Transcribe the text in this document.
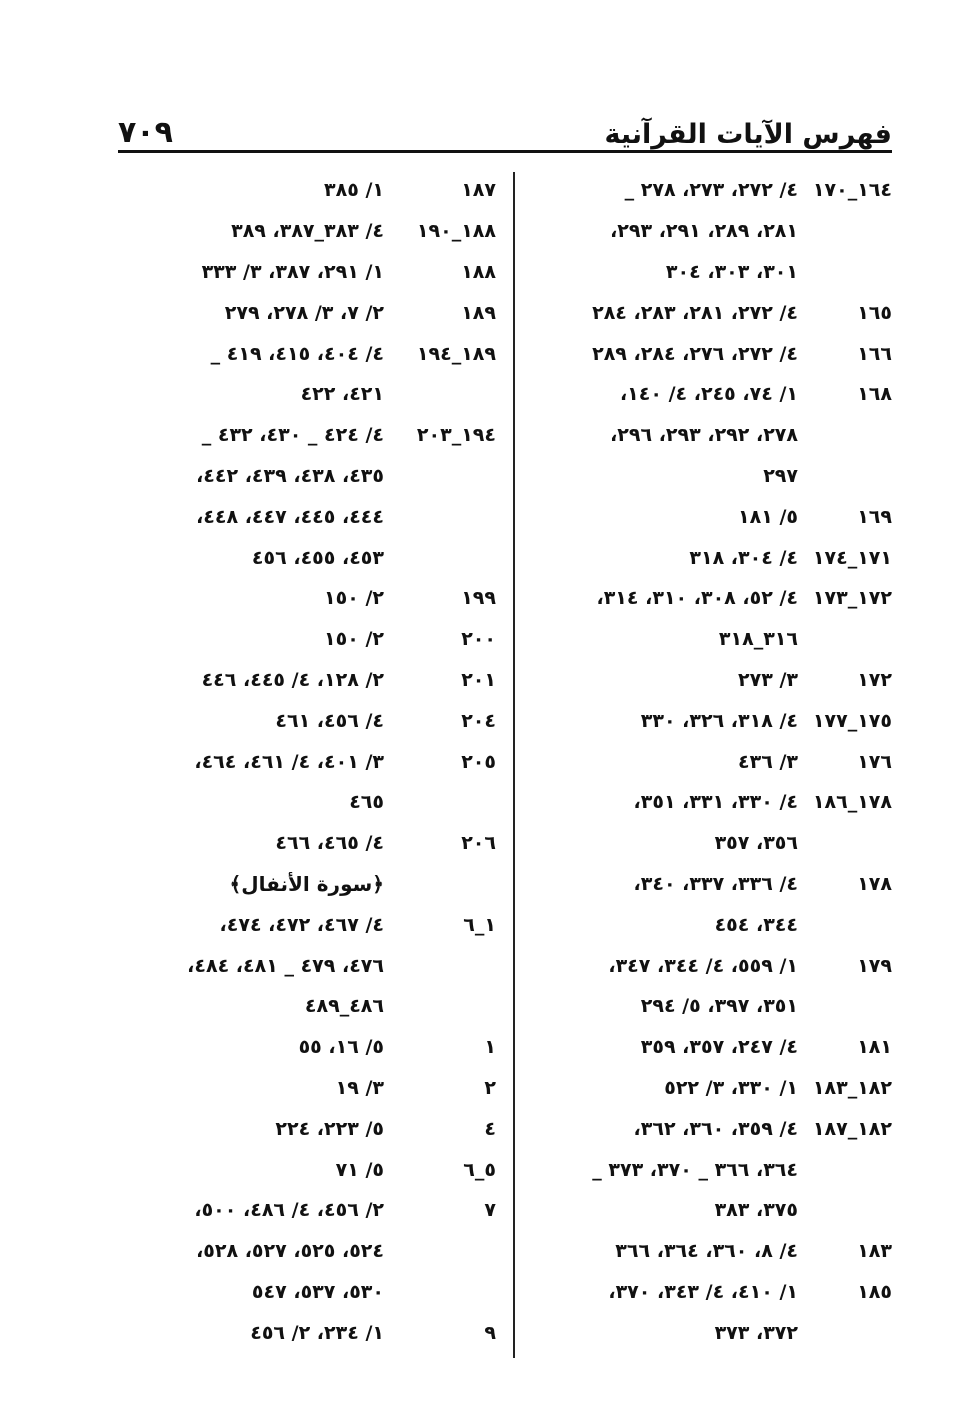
٧٠٩	فهرس الآيات القرآنية
١٦٤_١٧٠
٤/ ٢٧٢، ٢٧٣، ٢٧٨ _
٢٨١، ٢٨٩، ٢٩١، ٢٩٣،
٣٠١، ٣٠٣، ٣٠٤
١٦٥
٤/ ٢٧٢، ٢٨١، ٢٨٣، ٢٨٤
١٦٦
٤/ ٢٧٢، ٢٧٦، ٢٨٤، ٢٨٩
١٦٨
١/ ٧٤، ٢٤٥، ٤/ ١٤٠،
٢٧٨، ٢٩٢، ٢٩٣، ٢٩٦،
٢٩٧
١٦٩
٥/ ١٨١
١٧١_١٧٤
٤/ ٣٠٤، ٣١٨
١٧٢_١٧٣
٤/ ٥٢، ٣٠٨، ٣١٠، ٣١٤،
٣١٦_٣١٨
١٧٢
٣/ ٢٧٣
١٧٥_١٧٧
٤/ ٣١٨، ٣٢٦، ٣٣٠
١٧٦
٣/ ٤٣٦
١٧٨_١٨٦
٤/ ٣٣٠، ٣٣١، ٣٥١،
٣٥٦، ٣٥٧
١٧٨
٤/ ٣٣٦، ٣٣٧، ٣٤٠،
٣٤٤، ٤٥٤
١٧٩
١/ ٥٥٩، ٤/ ٣٤٤، ٣٤٧،
٣٥١، ٣٩٧، ٥/ ٢٩٤
١٨١
٤/ ٢٤٧، ٣٥٧، ٣٥٩
١٨٢_١٨٣
١/ ٣٣٠، ٣/ ٥٢٢
١٨٢_١٨٧
٤/ ٣٥٩، ٣٦٠، ٣٦٢،
٣٦٤، ٣٦٦ _ ٣٧٠، ٣٧٣ _
٣٧٥، ٣٨٣
١٨٣
٤/ ٨، ٣٦٠، ٣٦٤، ٣٦٦
١٨٥
١/ ٤١٠، ٤/ ٣٤٣، ٣٧٠،
٣٧٢، ٣٧٣
١٨٧
١/ ٣٨٥
١٨٨_١٩٠
٤/ ٣٨٣_٣٨٧، ٣٨٩
١٨٨
١/ ٢٩١، ٣٨٧، ٣/ ٣٣٣
١٨٩
٢/ ٧، ٣/ ٢٧٨، ٢٧٩
١٨٩_١٩٤
٤/ ٤٠٤، ٤١٥، ٤١٩ _
٤٢١، ٤٢٢
١٩٤_٢٠٣
٤/ ٤٢٤ _ ٤٣٠، ٤٣٢ _
٤٣٥، ٤٣٨، ٤٣٩، ٤٤٢،
٤٤٤، ٤٤٥، ٤٤٧، ٤٤٨،
٤٥٣، ٤٥٥، ٤٥٦
١٩٩
٢/ ١٥٠
٢٠٠
٢/ ١٥٠
٢٠١
٢/ ١٢٨، ٤/ ٤٤٥، ٤٤٦
٢٠٤
٤/ ٤٥٦، ٤٦١
٢٠٥
٣/ ٤٠١، ٤/ ٤٦١، ٤٦٤،
٤٦٥
٢٠٦
٤/ ٤٦٥، ٤٦٦
﴿سورة الأنفال﴾
١_٦
٤/ ٤٦٧، ٤٧٢، ٤٧٤،
٤٧٦، ٤٧٩ _ ٤٨١، ٤٨٤،
٤٨٦_٤٨٩
١
٥/ ١٦، ٥٥
٢
٣/ ١٩
٤
٥/ ٢٢٣، ٢٢٤
٥_٦
٥/ ٧١
٧
٢/ ٤٥٦، ٤/ ٤٨٦، ٥٠٠،
٥٢٤، ٥٢٥، ٥٢٧، ٥٢٨،
٥٣٠، ٥٣٧، ٥٤٧
٩
١/ ٢٣٤، ٢/ ٤٥٦
